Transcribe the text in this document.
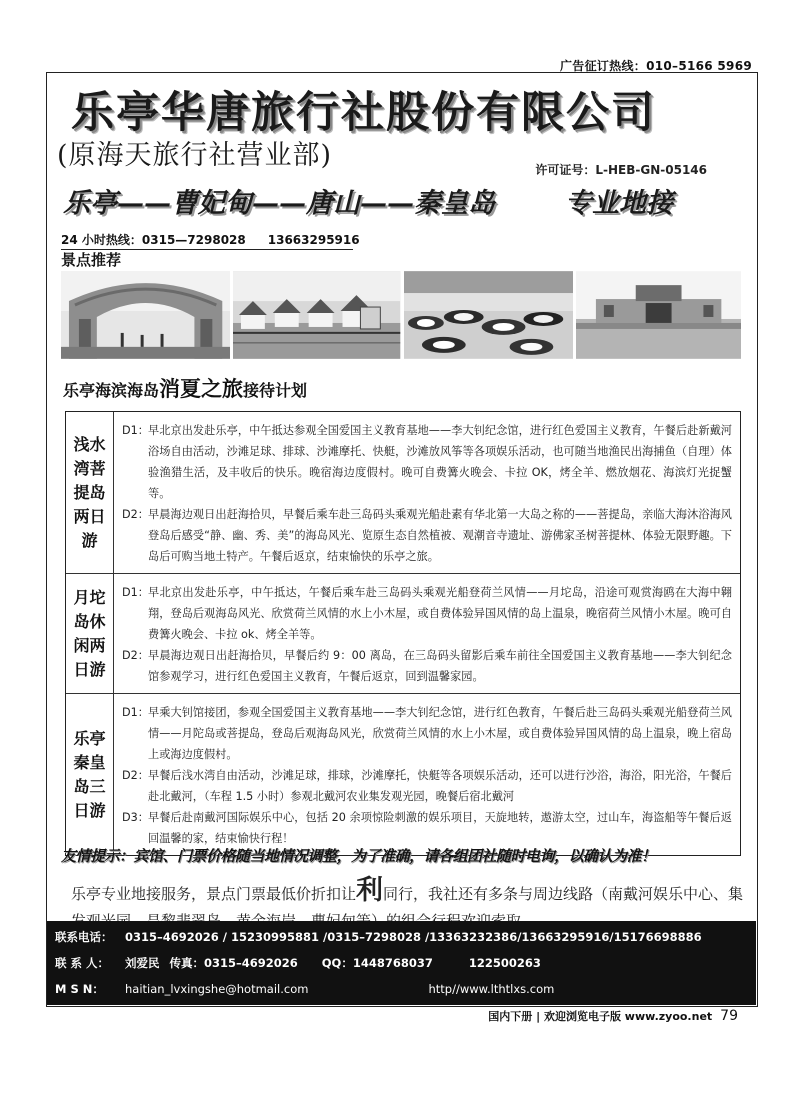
广告征订热线：010–5166 5969
乐亭华唐旅行社股份有限公司
(原海天旅行社营业部)	许可证号：L-HEB-GN-05146
乐亭——曹妃甸——唐山——秦皇岛	专业地接
24 小时热线：0315—7298028 13663295916
景点推荐
乐亭海滨海岛消夏之旅接待计划
浅水湾菩提岛两日游
D1： 早北京出发赴乐亭，中午抵达参观全国爱国主义教育基地——李大钊纪念馆，进行红色爱国主义教育，午餐后赴新戴河浴场自由活动，沙滩足球、排球、沙滩摩托、快艇，沙滩放风筝等各项娱乐活动，也可随当地渔民出海捕鱼（自理）体验渔猎生活，及丰收后的快乐。晚宿海边度假村。晚可自费篝火晚会、卡拉 OK，烤全羊、燃放烟花、海滨灯光捉蟹等。
D2： 早晨海边观日出赶海拾贝，早餐后乘车赴三岛码头乘观光船赴素有华北第一大岛之称的——菩提岛，亲临大海沐浴海风登岛后感受“静、幽、秀、美”的海岛风光、览原生态自然植被、观潮音寺遗址、游佛家圣树菩提林、体验无限野趣。下岛后可购当地土特产。午餐后返京，结束愉快的乐亭之旅。
月坨岛休闲两日游
D1： 早北京出发赴乐亭，中午抵达，午餐后乘车赴三岛码头乘观光船登荷兰风情——月坨岛，沿途可观赏海鸥在大海中翱翔，登岛后观海岛风光、欣赏荷兰风情的水上小木屋，或自费体验异国风情的岛上温泉，晚宿荷兰风情小木屋。晚可自费篝火晚会、卡拉 ok、烤全羊等。
D2： 早晨海边观日出赶海拾贝，早餐后约 9：00 离岛，在三岛码头留影后乘车前往全国爱国主义教育基地——李大钊纪念馆参观学习，进行红色爱国主义教育，午餐后返京，回到温馨家园。
乐亭秦皇岛三日游
D1： 早乘大钊馆接团，参观全国爱国主义教育基地——李大钊纪念馆，进行红色教育，午餐后赴三岛码头乘观光船登荷兰风情——月陀岛或菩提岛，登岛后观海岛风光，欣赏荷兰风情的水上小木屋，或自费体验异国风情的岛上温泉，晚上宿岛上或海边度假村。
D2： 早餐后浅水湾自由活动，沙滩足球，排球，沙滩摩托，快艇等各项娱乐活动，还可以进行沙浴，海浴，阳光浴，午餐后赴北戴河，（车程 1.5 小时）参观北戴河农业集发观光园，晚餐后宿北戴河
D3： 早餐后赴南戴河国际娱乐中心，包括 20 余项惊险刺激的娱乐项目，天旋地转，遨游太空，过山车，海盗船等午餐后返回温馨的家，结束愉快行程！
友情提示：宾馆、门票价格随当地情况调整，为了准确，请各组团社随时电询，以确认为准！
乐亭专业地接服务，景点门票最低价折扣让利同行，我社还有多条与周边线路（南戴河娱乐中心、集
联系电话： 0315–4692026 / 15230995881 /0315–7298028 /13363232386/13663295916/15176698886
联 系 人： 刘爱民 传真：0315–4692026 QQ：1448768037	122500263
M S N： haitian_lvxingshe@hotmail.com	http//www.lthtlxs.com
国内下册 | 欢迎浏览电子版 www.zyoo.net 79
